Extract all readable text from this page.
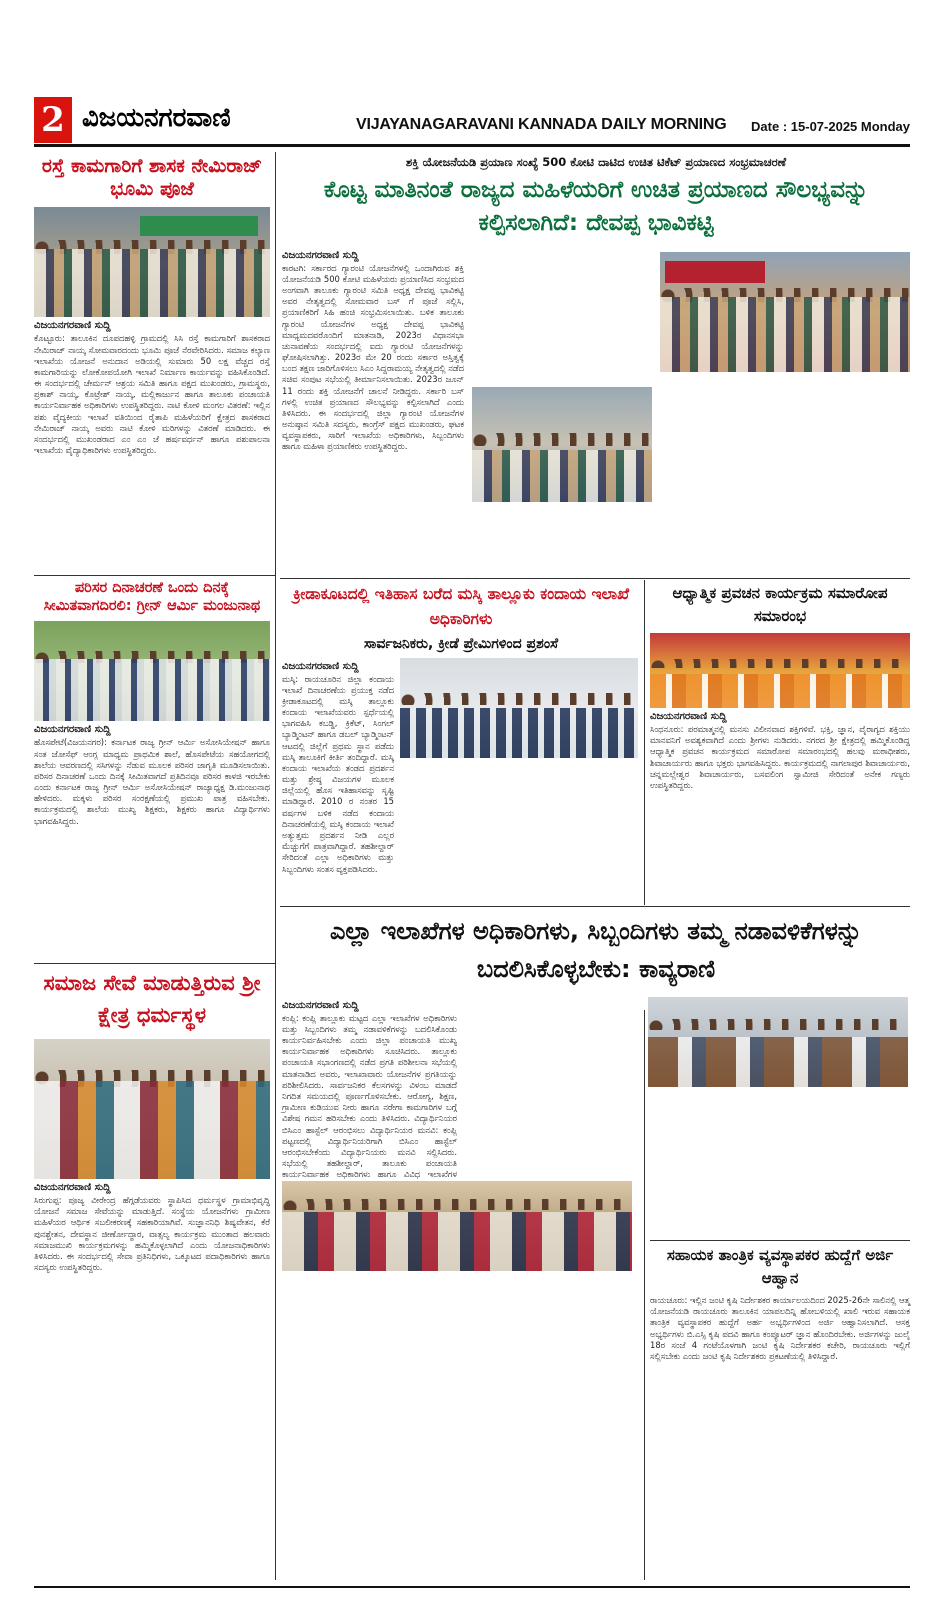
2 ವಿಜಯನಗರವಾಣಿ	VIJAYANAGARAVANI KANNADA DAILY MORNING Date : 15-07-2025 Monday
ರಸ್ತೆ ಕಾಮಗಾರಿಗೆ ಶಾಸಕ ನೇಮಿರಾಜ್ ಭೂಮಿ ಪೂಜೆ
ವಿಜಯನಗರವಾಣಿ ಸುದ್ದಿ
ಕೊಟ್ಟೂರು: ತಾಲೂಕಿನ ದೂಪದಹಳ್ಳಿ ಗ್ರಾಮದಲ್ಲಿ ಸಿಸಿ ರಸ್ತೆ ಕಾಮಗಾರಿಗೆ ಶಾಸಕರಾದ ನೇಮಿರಾಜ್ ನಾಯ್ಕ ಸೋಮವಾರದಂದು ಭೂಮಿ ಪೂಜೆ ನೆರವೇರಿಸಿದರು. ಸಮಾಜ ಕಲ್ಯಾಣ ಇಲಾಖೆಯ ಯೋಜನೆ ಅನುದಾನ ಅಡಿಯಲ್ಲಿ ಸುಮಾರು 50 ಲಕ್ಷ ವೆಚ್ಚದ ರಸ್ತೆ ಕಾಮಗಾರಿಯನ್ನು ಲೋಕೋಪಯೋಗಿ ಇಲಾಖೆ ನಿರ್ಮಾಣ ಕಾರ್ಯವನ್ನು ವಹಿಸಿಕೊಂಡಿದೆ. ಈ ಸಂದರ್ಭದಲ್ಲಿ ಚೇರ್ಮನ್ ಆಶ್ರಯ ಸಮಿತಿ ಹಾಗೂ ಪಕ್ಷದ ಮುಖಂಡರು, ಗ್ರಾಮಸ್ಥರು, ಪ್ರಕಾಶ್ ನಾಯ್ಕ, ಕೊಟ್ರೇಶ್ ನಾಯ್ಕ, ಮಲ್ಲಿಕಾರ್ಜುನ ಹಾಗೂ ತಾಲೂಕು ಪಂಚಾಯತಿ ಕಾರ್ಯನಿರ್ವಾಹಕ ಅಧಿಕಾರಿಗಳು ಉಪಸ್ಥಿತರಿದ್ದರು. ನಾಟಿ ಕೋಳಿ ಮಂಗಲ ವಿತರಣೆ: ಇಲ್ಲಿನ ಪಶು ವೈದ್ಯಕೀಯ ಇಲಾಖೆ ವತಿಯಿಂದ ರೈತಾಪಿ ಮಹಿಳೆಯರಿಗೆ ಕ್ಷೇತ್ರದ ಶಾಸಕರಾದ ನೇಮಿರಾಜ್ ನಾಯ್ಕ ಅವರು ನಾಟಿ ಕೋಳಿ ಮರಿಗಳನ್ನು ವಿತರಣೆ ಮಾಡಿದರು. ಈ ಸಂದರ್ಭದಲ್ಲಿ ಮುಖಂಡರಾದ ಎಂ ಎಂ ಜೆ ಹರ್ಷವರ್ಧನ್ ಹಾಗೂ ಪಶುಪಾಲನಾ ಇಲಾಖೆಯ ವೈದ್ಯಾಧಿಕಾರಿಗಳು ಉಪಸ್ಥಿತರಿದ್ದರು.
ಪರಿಸರ ದಿನಾಚರಣೆ ಒಂದು ದಿನಕ್ಕೆ ಸೀಮಿತವಾಗದಿರಲಿ: ಗ್ರೀನ್ ಆರ್ಮಿ ಮಂಜುನಾಥ
ವಿಜಯನಗರವಾಣಿ ಸುದ್ದಿ
ಹೊಸಪೇಟೆ(ವಿಜಯನಗರ): ಕರ್ನಾಟಕ ರಾಜ್ಯ ಗ್ರೀನ್ ಆರ್ಮಿ ಅಸೋಸಿಯೇಷನ್ ಹಾಗೂ ಸಂತ ಜೋಸೆಫ್ ಆಂಗ್ಲ ಮಾಧ್ಯಮ ಪ್ರಾಥಮಿಕ ಶಾಲೆ, ಹೊಸಪೇಟೆಯ ಸಹಯೋಗದಲ್ಲಿ ಶಾಲೆಯ ಆವರಣದಲ್ಲಿ ಸಸಿಗಳನ್ನು ನೆಡುವ ಮೂಲಕ ಪರಿಸರ ಜಾಗೃತಿ ಮೂಡಿಸಲಾಯಿತು. ಪರಿಸರ ದಿನಾಚರಣೆ ಒಂದು ದಿನಕ್ಕೆ ಸೀಮಿತವಾಗದೆ ಪ್ರತಿದಿನವೂ ಪರಿಸರ ಕಾಳಜಿ ಇರಬೇಕು ಎಂದು ಕರ್ನಾಟಕ ರಾಜ್ಯ ಗ್ರೀನ್ ಆರ್ಮಿ ಅಸೋಸಿಯೇಷನ್ ರಾಜ್ಯಾಧ್ಯಕ್ಷ ಡಿ.ಮಂಜುನಾಥ ಹೇಳಿದರು. ಮಕ್ಕಳು ಪರಿಸರ ಸಂರಕ್ಷಣೆಯಲ್ಲಿ ಪ್ರಮುಖ ಪಾತ್ರ ವಹಿಸಬೇಕು. ಕಾರ್ಯಕ್ರಮದಲ್ಲಿ ಶಾಲೆಯ ಮುಖ್ಯ ಶಿಕ್ಷಕರು, ಶಿಕ್ಷಕರು ಹಾಗೂ ವಿದ್ಯಾರ್ಥಿಗಳು ಭಾಗವಹಿಸಿದ್ದರು.
ಸಮಾಜ ಸೇವೆ ಮಾಡುತ್ತಿರುವ ಶ್ರೀ ಕ್ಷೇತ್ರ ಧರ್ಮಸ್ಥಳ
ವಿಜಯನಗರವಾಣಿ ಸುದ್ದಿ
ಸಿರುಗುಪ್ಪ: ಪೂಜ್ಯ ವೀರೇಂದ್ರ ಹೆಗ್ಗಡೆಯವರು ಸ್ಥಾಪಿಸಿದ ಧರ್ಮಸ್ಥಳ ಗ್ರಾಮಾಭಿವೃದ್ಧಿ ಯೋಜನೆ ಸಮಾಜ ಸೇವೆಯನ್ನು ಮಾಡುತ್ತಿದೆ. ಸಂಸ್ಥೆಯ ಯೋಜನೆಗಳು ಗ್ರಾಮೀಣ ಮಹಿಳೆಯರ ಆರ್ಥಿಕ ಸಬಲೀಕರಣಕ್ಕೆ ಸಹಕಾರಿಯಾಗಿವೆ. ಸುಜ್ಞಾನನಿಧಿ ಶಿಷ್ಯವೇತನ, ಕೆರೆ ಪುನಶ್ಚೇತನ, ದೇವಸ್ಥಾನ ಜೀರ್ಣೋದ್ಧಾರ, ವಾತ್ಸಲ್ಯ ಕಾರ್ಯಕ್ರಮ ಮುಂತಾದ ಹಲವಾರು ಸಮಾಜಮುಖಿ ಕಾರ್ಯಕ್ರಮಗಳನ್ನು ಹಮ್ಮಿಕೊಳ್ಳಲಾಗಿದೆ ಎಂದು ಯೋಜನಾಧಿಕಾರಿಗಳು ತಿಳಿಸಿದರು. ಈ ಸಂದರ್ಭದಲ್ಲಿ ಸೇವಾ ಪ್ರತಿನಿಧಿಗಳು, ಒಕ್ಕೂಟದ ಪದಾಧಿಕಾರಿಗಳು ಹಾಗೂ ಸದಸ್ಯರು ಉಪಸ್ಥಿತರಿದ್ದರು.
ಶಕ್ತಿ ಯೋಜನೆಯಡಿ ಪ್ರಯಾಣ ಸಂಖ್ಯೆ 500 ಕೋಟಿ ದಾಟಿದ ಉಚಿತ ಟಿಕೆಟ್ ಪ್ರಯಾಣದ ಸಂಭ್ರಮಾಚರಣೆ
ಕೊಟ್ಟ ಮಾತಿನಂತೆ ರಾಜ್ಯದ ಮಹಿಳೆಯರಿಗೆ ಉಚಿತ ಪ್ರಯಾಣದ ಸೌಲಭ್ಯವನ್ನು ಕಲ್ಪಿಸಲಾಗಿದೆ: ದೇವಪ್ಪ ಭಾವಿಕಟ್ಟಿ
ವಿಜಯನಗರವಾಣಿ ಸುದ್ದಿ
ಕಾರಟಗಿ: ಸರ್ಕಾರದ ಗ್ಯಾರಂಟಿ ಯೋಜನೆಗಳಲ್ಲಿ ಒಂದಾಗಿರುವ ಶಕ್ತಿ ಯೋಜನೆಯಡಿ 500 ಕೋಟಿ ಮಹಿಳೆಯರು ಪ್ರಯಾಣಿಸಿದ ಸಂಭ್ರಮದ ಅಂಗವಾಗಿ ತಾಲೂಕು ಗ್ಯಾರಂಟಿ ಸಮಿತಿ ಅಧ್ಯಕ್ಷ ದೇವಪ್ಪ ಭಾವಿಕಟ್ಟಿ ಅವರ ನೇತೃತ್ವದಲ್ಲಿ ಸೋಮವಾರ ಬಸ್ ಗೆ ಪೂಜೆ ಸಲ್ಲಿಸಿ, ಪ್ರಯಾಣಿಕರಿಗೆ ಸಿಹಿ ಹಂಚಿ ಸಂಭ್ರಮಿಸಲಾಯಿತು. ಬಳಿಕ ತಾಲೂಕು ಗ್ಯಾರಂಟಿ ಯೋಜನೆಗಳ ಅಧ್ಯಕ್ಷ ದೇವಪ್ಪ ಭಾವಿಕಟ್ಟಿ ಮಾಧ್ಯಮದವರೊಂದಿಗೆ ಮಾತನಾಡಿ, 2023ರ ವಿಧಾನಸಭಾ ಚುನಾವಣೆಯ ಸಂದರ್ಭದಲ್ಲಿ ಐದು ಗ್ಯಾರಂಟಿ ಯೋಜನೆಗಳನ್ನು ಘೋಷಿಸಲಾಗಿತ್ತು. 2023ರ ಮೇ 20 ರಂದು ಸರ್ಕಾರ ಅಸ್ತಿತ್ವಕ್ಕೆ ಬಂದ ತಕ್ಷಣ ಜಾರಿಗೊಳಿಸಲು ಸಿಎಂ ಸಿದ್ದರಾಮಯ್ಯ ನೇತೃತ್ವದಲ್ಲಿ ನಡೆದ ಸಚಿವ ಸಂಪುಟ ಸಭೆಯಲ್ಲಿ ತೀರ್ಮಾನಿಸಲಾಯಿತು. 2023ರ ಜೂನ್ 11 ರಂದು ಶಕ್ತಿ ಯೋಜನೆಗೆ ಚಾಲನೆ ನೀಡಿದ್ದರು. ಸರ್ಕಾರಿ ಬಸ್ ಗಳಲ್ಲಿ ಉಚಿತ ಪ್ರಯಾಣದ ಸೌಲಭ್ಯವನ್ನು ಕಲ್ಪಿಸಲಾಗಿದೆ ಎಂದು ತಿಳಿಸಿದರು. ಈ ಸಂದರ್ಭದಲ್ಲಿ ಜಿಲ್ಲಾ ಗ್ಯಾರಂಟಿ ಯೋಜನೆಗಳ ಅನುಷ್ಠಾನ ಸಮಿತಿ ಸದಸ್ಯರು, ಕಾಂಗ್ರೆಸ್ ಪಕ್ಷದ ಮುಖಂಡರು, ಘಟಕ ವ್ಯವಸ್ಥಾಪಕರು, ಸಾರಿಗೆ ಇಲಾಖೆಯ ಅಧಿಕಾರಿಗಳು, ಸಿಬ್ಬಂದಿಗಳು ಹಾಗೂ ಮಹಿಳಾ ಪ್ರಯಾಣಿಕರು ಉಪಸ್ಥಿತರಿದ್ದರು.
ಕ್ರೀಡಾಕೂಟದಲ್ಲಿ ಇತಿಹಾಸ ಬರೆದ ಮಸ್ಕಿ ತಾಲ್ಲೂಕು ಕಂದಾಯ ಇಲಾಖೆ ಅಧಿಕಾರಿಗಳು
ಸಾರ್ವಜನಿಕರು, ಕ್ರೀಡೆ ಪ್ರೇಮಿಗಳಿಂದ ಪ್ರಶಂಸೆ
ವಿಜಯನಗರವಾಣಿ ಸುದ್ದಿ
ಮಸ್ಕಿ: ರಾಯಚೂರಿನ ಜಿಲ್ಲಾ ಕಂದಾಯ ಇಲಾಖೆ ದಿನಾಚರಣೆಯ ಪ್ರಯುಕ್ತ ನಡೆದ ಕ್ರೀಡಾಕೂಟದಲ್ಲಿ ಮಸ್ಕಿ ತಾಲ್ಲೂಕು ಕಂದಾಯ ಇಲಾಖೆಯವರು ಸ್ಪರ್ಧೆಯಲ್ಲಿ ಭಾಗವಹಿಸಿ ಕಬಡ್ಡಿ, ಕ್ರಿಕೆಟ್, ಸಿಂಗಲ್ ಬ್ಯಾಡ್ಮಿಂಟನ್ ಹಾಗೂ ಡಬಲ್ ಬ್ಯಾಡ್ಮಿಂಟನ್ ಆಟದಲ್ಲಿ ಜಿಲ್ಲೆಗೆ ಪ್ರಥಮ ಸ್ಥಾನ ಪಡೆದು ಮಸ್ಕಿ ತಾಲೂಕಿಗೆ ಕೀರ್ತಿ ತಂದಿದ್ದಾರೆ. ಮಸ್ಕಿ ಕಂದಾಯ ಇಲಾಖೆಯ ತಂಡದ ಪ್ರದರ್ಶನ ಮತ್ತು ಶ್ರೇಷ್ಠ ವಿಜಯಗಳ ಮೂಲಕ ಜಿಲ್ಲೆಯಲ್ಲಿ ಹೊಸ ಇತಿಹಾಸವನ್ನು ಸೃಷ್ಟಿ ಮಾಡಿದ್ದಾರೆ. 2010 ರ ನಂತರ 15 ವರ್ಷಗಳ ಬಳಿಕ ನಡೆದ ಕಂದಾಯ ದಿನಾಚರಣೆಯಲ್ಲಿ ಮಸ್ಕಿ ಕಂದಾಯ ಇಲಾಖೆ ಅತ್ಯುತ್ತಮ ಪ್ರದರ್ಶನ ನೀಡಿ ಎಲ್ಲರ ಮೆಚ್ಚುಗೆಗೆ ಪಾತ್ರವಾಗಿದ್ದಾರೆ. ತಹಶೀಲ್ದಾರ್ ಸೇರಿದಂತೆ ಎಲ್ಲಾ ಅಧಿಕಾರಿಗಳು ಮತ್ತು ಸಿಬ್ಬಂದಿಗಳು ಸಂತಸ ವ್ಯಕ್ತಪಡಿಸಿದರು.
ಆಧ್ಯಾತ್ಮಿಕ ಪ್ರವಚನ ಕಾರ್ಯಕ್ರಮ ಸಮಾರೋಪ ಸಮಾರಂಭ
ವಿಜಯನಗರವಾಣಿ ಸುದ್ದಿ
ಸಿಂಧನೂರು: ಪರಮಾತ್ಮನಲ್ಲಿ ಮನಸು ವಿಲೀನವಾದ ಶಕ್ತಿಗಳಿವೆ. ಭಕ್ತಿ, ಜ್ಞಾನ, ವೈರಾಗ್ಯದ ಶಕ್ತಿಯು ಮಾನವನಿಗೆ ಅವಶ್ಯಕವಾಗಿದೆ ಎಂದು ಶ್ರೀಗಳು ನುಡಿದರು. ನಗರದ ಶ್ರೀ ಕ್ಷೇತ್ರದಲ್ಲಿ ಹಮ್ಮಿಕೊಂಡಿದ್ದ ಆಧ್ಯಾತ್ಮಿಕ ಪ್ರವಚನ ಕಾರ್ಯಕ್ರಮದ ಸಮಾರೋಪ ಸಮಾರಂಭದಲ್ಲಿ ಹಲವು ಮಠಾಧೀಶರು, ಶಿವಾಚಾರ್ಯರು ಹಾಗೂ ಭಕ್ತರು ಭಾಗವಹಿಸಿದ್ದರು. ಕಾರ್ಯಕ್ರಮದಲ್ಲಿ ನಾಗಲಾಪುರ ಶಿವಾಚಾರ್ಯರು, ಚನ್ನಮಲ್ಲೇಶ್ವರ ಶಿವಾಚಾರ್ಯರು, ಬಸವಲಿಂಗ ಸ್ವಾಮೀಜಿ ಸೇರಿದಂತೆ ಅನೇಕ ಗಣ್ಯರು ಉಪಸ್ಥಿತರಿದ್ದರು.
ಎಲ್ಲಾ ಇಲಾಖೆಗಳ ಅಧಿಕಾರಿಗಳು, ಸಿಬ್ಬಂದಿಗಳು ತಮ್ಮ ನಡಾವಳಿಕೆಗಳನ್ನು ಬದಲಿಸಿಕೊಳ್ಳಬೇಕು: ಕಾವ್ಯರಾಣಿ
ವಿಜಯನಗರವಾಣಿ ಸುದ್ದಿ
ಕಂಪ್ಲಿ: ಕಂಪ್ಲಿ ತಾಲ್ಲೂಕು ಮಟ್ಟದ ಎಲ್ಲಾ ಇಲಾಖೆಗಳ ಅಧಿಕಾರಿಗಳು ಮತ್ತು ಸಿಬ್ಬಂದಿಗಳು ತಮ್ಮ ನಡಾವಳಿಕೆಗಳನ್ನು ಬದಲಿಸಿಕೊಂಡು ಕಾರ್ಯನಿರ್ವಹಿಸಬೇಕು ಎಂದು ಜಿಲ್ಲಾ ಪಂಚಾಯತಿ ಮುಖ್ಯ ಕಾರ್ಯನಿರ್ವಾಹಕ ಅಧಿಕಾರಿಗಳು ಸೂಚಿಸಿದರು. ತಾಲ್ಲೂಕು ಪಂಚಾಯತಿ ಸಭಾಂಗಣದಲ್ಲಿ ನಡೆದ ಪ್ರಗತಿ ಪರಿಶೀಲನಾ ಸಭೆಯಲ್ಲಿ ಮಾತನಾಡಿದ ಅವರು, ಇಲಾಖಾವಾರು ಯೋಜನೆಗಳ ಪ್ರಗತಿಯನ್ನು ಪರಿಶೀಲಿಸಿದರು. ಸಾರ್ವಜನಿಕರ ಕೆಲಸಗಳನ್ನು ವಿಳಂಬ ಮಾಡದೆ ನಿಗದಿತ ಸಮಯದಲ್ಲಿ ಪೂರ್ಣಗೊಳಿಸಬೇಕು. ಆರೋಗ್ಯ, ಶಿಕ್ಷಣ, ಗ್ರಾಮೀಣ ಕುಡಿಯುವ ನೀರು ಹಾಗೂ ನರೇಗಾ ಕಾಮಗಾರಿಗಳ ಬಗ್ಗೆ ವಿಶೇಷ ಗಮನ ಹರಿಸಬೇಕು ಎಂದು ತಿಳಿಸಿದರು. ವಿದ್ಯಾರ್ಥಿನಿಯರ ಬಿಸಿಎಂ ಹಾಸ್ಟೆಲ್ ಆರಂಭಿಸಲು ವಿದ್ಯಾರ್ಥಿನಿಯರ ಮನವಿ: ಕಂಪ್ಲಿ ಪಟ್ಟಣದಲ್ಲಿ ವಿದ್ಯಾರ್ಥಿನಿಯರಿಗಾಗಿ ಬಿಸಿಎಂ ಹಾಸ್ಟೆಲ್ ಆರಂಭಿಸಬೇಕೆಂದು ವಿದ್ಯಾರ್ಥಿನಿಯರು ಮನವಿ ಸಲ್ಲಿಸಿದರು. ಸಭೆಯಲ್ಲಿ ತಹಶೀಲ್ದಾರ್, ತಾಲೂಕು ಪಂಚಾಯತಿ ಕಾರ್ಯನಿರ್ವಾಹಕ ಅಧಿಕಾರಿಗಳು ಹಾಗೂ ವಿವಿಧ ಇಲಾಖೆಗಳ
ಸಹಾಯಕ ತಾಂತ್ರಿಕ ವ್ಯವಸ್ಥಾಪಕರ ಹುದ್ದೆಗೆ ಅರ್ಜಿ ಆಹ್ವಾನ
ರಾಯಚೂರು: ಇಲ್ಲಿನ ಜಂಟಿ ಕೃಷಿ ನಿರ್ದೇಶಕರ ಕಾರ್ಯಾಲಯದಿಂದ 2025-26ನೇ ಸಾಲಿನಲ್ಲಿ ಆತ್ಮ ಯೋಜನೆಯಡಿ ರಾಯಚೂರು ತಾಲೂಕಿನ ಯಾಪಲದಿನ್ನಿ ಹೋಬಳಿಯಲ್ಲಿ ಖಾಲಿ ಇರುವ ಸಹಾಯಕ ತಾಂತ್ರಿಕ ವ್ಯವಸ್ಥಾಪಕರ ಹುದ್ದೆಗೆ ಅರ್ಹ ಅಭ್ಯರ್ಥಿಗಳಿಂದ ಅರ್ಜಿ ಆಹ್ವಾನಿಸಲಾಗಿದೆ. ಆಸಕ್ತ ಅಭ್ಯರ್ಥಿಗಳು ಬಿ.ಎಸ್ಸಿ ಕೃಷಿ ಪದವಿ ಹಾಗೂ ಕಂಪ್ಯೂಟರ್ ಜ್ಞಾನ ಹೊಂದಿರಬೇಕು. ಅರ್ಜಿಗಳನ್ನು ಜುಲೈ 18ರ ಸಂಜೆ 4 ಗಂಟೆಯೊಳಗಾಗಿ ಜಂಟಿ ಕೃಷಿ ನಿರ್ದೇಶಕರ ಕಚೇರಿ, ರಾಯಚೂರು ಇಲ್ಲಿಗೆ ಸಲ್ಲಿಸಬೇಕು ಎಂದು ಜಂಟಿ ಕೃಷಿ ನಿರ್ದೇಶಕರು ಪ್ರಕಟಣೆಯಲ್ಲಿ ತಿಳಿಸಿದ್ದಾರೆ.
